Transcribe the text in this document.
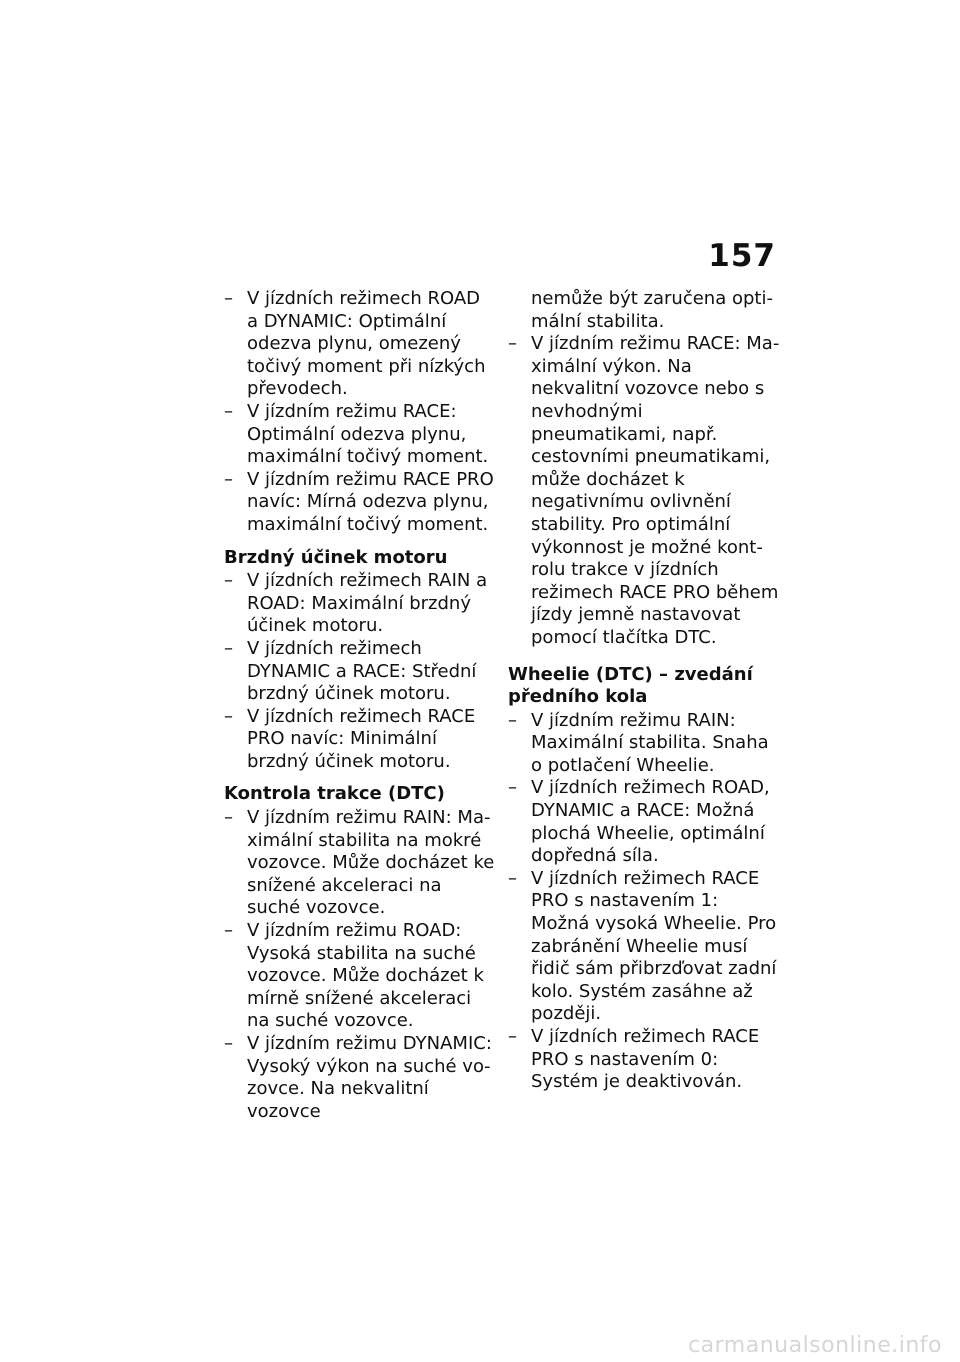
157
– V jízdních režimech ROAD a DYNAMIC: Optimální odezva plynu, omezený točivý moment při nízkých převodech.
– V jízdním režimu RACE: Optimální odezva plynu, maximální točivý moment.
– V jízdním režimu RACE PRO navíc: Mírná odezva plynu, maximální točivý moment.
Brzdný účinek motoru
– V jízdních režimech RAIN a ROAD: Maximální brzdný účinek motoru.
– V jízdních režimech DYNAMIC a RACE: Střední brzdný účinek motoru.
– V jízdních režimech RACE PRO navíc: Minimální brzdný účinek motoru.
Kontrola trakce (DTC)
– V jízdním režimu RAIN: Maximální stabilita na mokré vozovce. Může docházet ke snížené akceleraci na suché vozovce.
– V jízdním režimu ROAD: Vysoká stabilita na suché vozovce. Může docházet k mírně snížené akceleraci na suché vozovce.
– V jízdním režimu DYNAMIC: Vysoký výkon na suché vozovce. Na nekvalitní vozovce
nemůže být zaručena optimální stabilita.
– V jízdním režimu RACE: Maximální výkon. Na nekvalitní vozovce nebo s nevhodnými pneumatikami, např. cestovními pneumatikami, může docházet k negativnímu ovlivnění stability. Pro optimální výkonnost je možné kontrolu trakce v jízdních režimech RACE PRO během jízdy jemně nastavovat pomocí tlačítka DTC.
Wheelie (DTC) – zvedání předního kola
– V jízdním režimu RAIN: Maximální stabilita. Snaha o potlačení Wheelie.
– V jízdních režimech ROAD, DYNAMIC a RACE: Možná plochá Wheelie, optimální dopředná síla.
– V jízdních režimech RACE PRO s nastavením 1: Možná vysoká Wheelie. Pro zabránění Wheelie musí řidič sám přibrzďovat zadní kolo. Systém zasáhne až později.
– V jízdních režimech RACE PRO s nastavením 0: Systém je deaktivován.
carmanualsonline.info
